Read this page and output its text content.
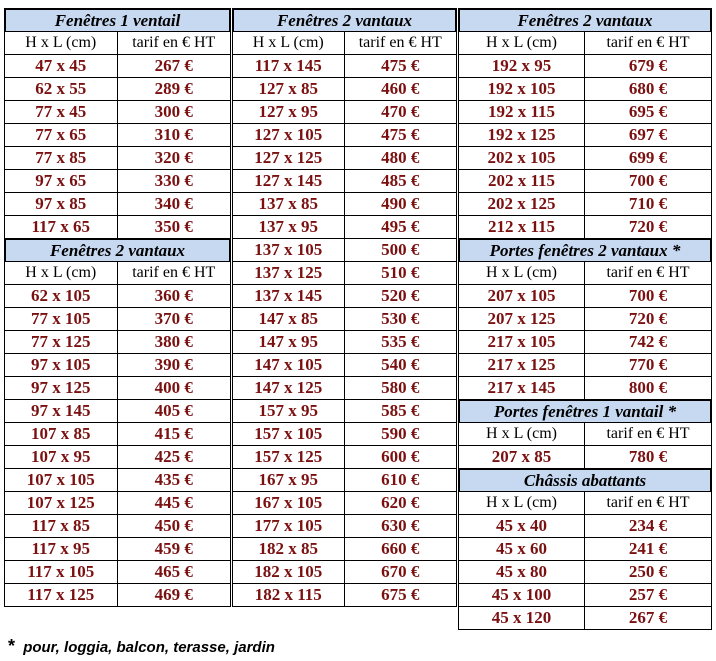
Fenêtres 1 ventail
H x L (cm)	tarif en € HT
47 x 45	267 €
62 x 55	289 €
77 x 45	300 €
77 x 65	310 €
77 x 85	320 €
97 x 65	330 €
97 x 85	340 €
117 x 65	350 €
Fenêtres 2 vantaux
H x L (cm)	tarif en € HT
62 x 105	360 €
77 x 105	370 €
77 x 125	380 €
97 x 105	390 €
97 x 125	400 €
97 x 145	405 €
107 x 85	415 €
107 x 95	425 €
107 x 105	435 €
107 x 125	445 €
117 x 85	450 €
117 x 95	459 €
117 x 105	465 €
117 x 125	469 €
Fenêtres 2 vantaux
H x L (cm)	tarif en € HT
117 x 145	475 €
127 x 85	460 €
127 x 95	470 €
127 x 105	475 €
127 x 125	480 €
127 x 145	485 €
137 x 85	490 €
137 x 95	495 €
137 x 105	500 €
137 x 125	510 €
137 x 145	520 €
147 x 85	530 €
147 x 95	535 €
147 x 105	540 €
147 x 125	580 €
157 x 95	585 €
157 x 105	590 €
157 x 125	600 €
167 x 95	610 €
167 x 105	620 €
177 x 105	630 €
182 x 85	660 €
182 x 105	670 €
182 x 115	675 €
Fenêtres 2 vantaux
H x L (cm)	tarif en € HT
192 x 95	679 €
192 x 105	680 €
192 x 115	695 €
192 x 125	697 €
202 x 105	699 €
202 x 115	700 €
202 x 125	710 €
212 x 115	720 €
Portes fenêtres 2 vantaux *
H x L (cm)	tarif en € HT
207 x 105	700 €
207 x 125	720 €
217 x 105	742 €
217 x 125	770 €
217 x 145	800 €
Portes fenêtres 1 vantail *
H x L (cm)	tarif en € HT
207 x 85	780 €
Châssis abattants
H x L (cm)	tarif en € HT
45 x 40	234 €
45 x 60	241 €
45 x 80	250 €
45 x 100	257 €
45 x 120	267 €
* pour, loggia, balcon, terasse, jardin
